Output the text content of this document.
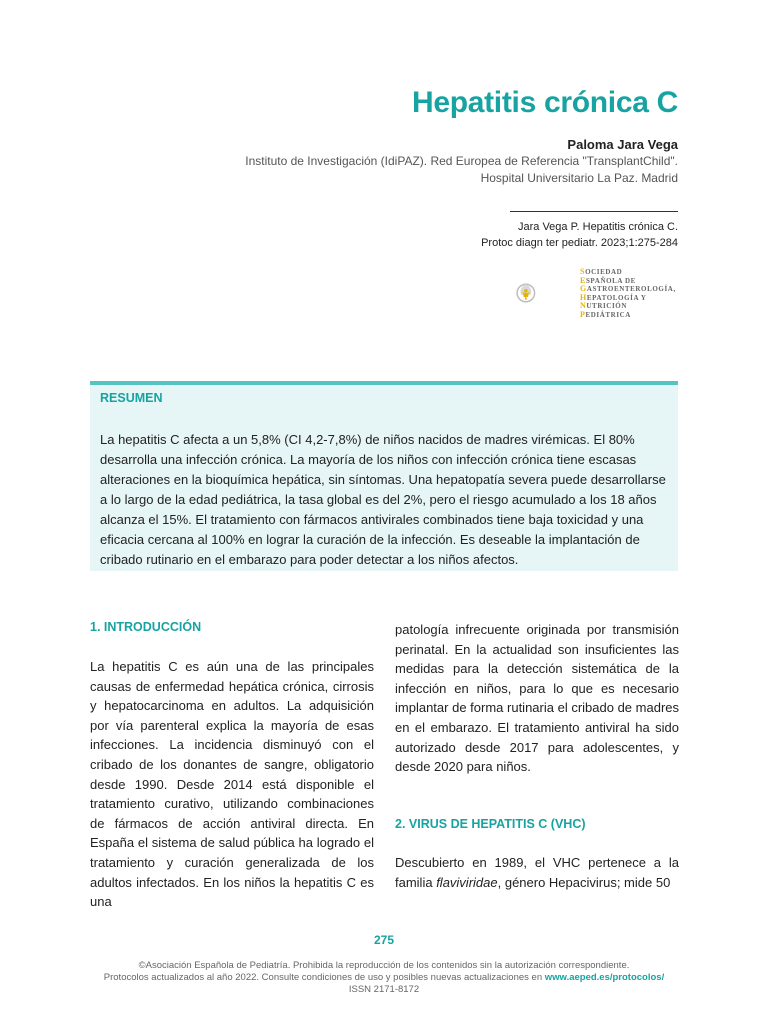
Hepatitis crónica C
Paloma Jara Vega
Instituto de Investigación (IdiPAZ). Red Europea de Referencia "TransplantChild".
Hospital Universitario La Paz. Madrid
Jara Vega P. Hepatitis crónica C.
Protoc diagn ter pediatr. 2023;1:275-284
SOCIEDAD
ESPAÑOLA DE
GASTROENTEROLOGÍA,
HEPATOLOGÍA Y
NUTRICIÓN
PEDIÁTRICA
RESUMEN
La hepatitis C afecta a un 5,8% (CI 4,2-7,8%) de niños nacidos de madres virémicas. El 80% desarrolla una infección crónica. La mayoría de los niños con infección crónica tiene escasas alteraciones en la bioquímica hepática, sin síntomas. Una hepatopatía severa puede desarrollarse a lo largo de la edad pediátrica, la tasa global es del 2%, pero el riesgo acumulado a los 18 años alcanza el 15%. El tratamiento con fármacos antivirales combinados tiene baja toxicidad y una eficacia cercana al 100% en lograr la curación de la infección. Es deseable la implantación de cribado rutinario en el embarazo para poder detectar a los niños afectos.
1. INTRODUCCIÓN
La hepatitis C es aún una de las principales causas de enfermedad hepática crónica, cirrosis y hepatocarcinoma en adultos. La adquisición por vía parenteral explica la mayoría de esas infecciones. La incidencia disminuyó con el cribado de los donantes de sangre, obligatorio desde 1990. Desde 2014 está disponible el tratamiento curativo, utilizando combinaciones de fármacos de acción antiviral directa. En España el sistema de salud pública ha logrado el tratamiento y curación generalizada de los adultos infectados. En los niños la hepatitis C es una
patología infrecuente originada por transmisión perinatal. En la actualidad son insuficientes las medidas para la detección sistemática de la infección en niños, para lo que es necesario implantar de forma rutinaria el cribado de madres en el embarazo. El tratamiento antiviral ha sido autorizado desde 2017 para adolescentes, y desde 2020 para niños.
2. VIRUS DE HEPATITIS C (VHC)
Descubierto en 1989, el VHC pertenece a la familia flaviviridae, género Hepacivirus; mide 50
275
©Asociación Española de Pediatría. Prohibida la reproducción de los contenidos sin la autorización correspondiente.
Protocolos actualizados al año 2022. Consulte condiciones de uso y posibles nuevas actualizaciones en www.aeped.es/protocolos/
ISSN 2171-8172
